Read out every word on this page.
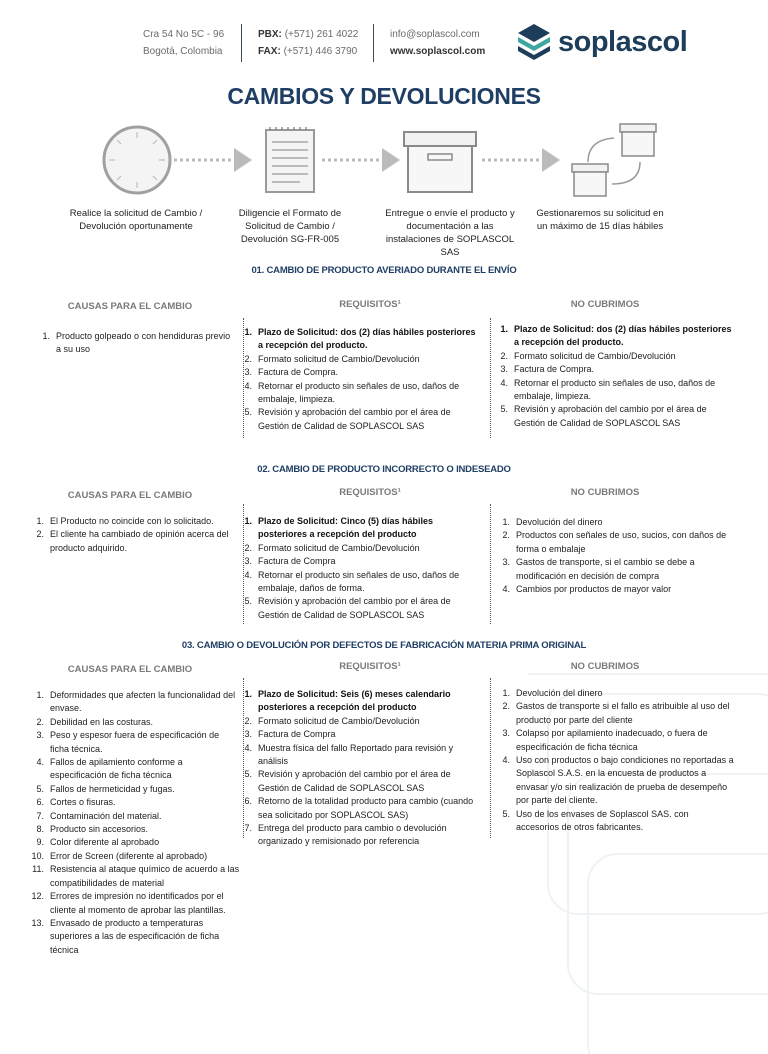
Cra 54 No 5C - 96
Bogotá, Colombia
PBX: (+571) 261 4022
FAX: (+571) 446 3790
info@soplascol.com
www.soplascol.com	soplascol
CAMBIOS Y DEVOLUCIONES
Realice la solicitud de Cambio / Devolución oportunamente
Diligencie el Formato de Solicitud de Cambio / Devolución SG-FR-005
Entregue o envíe el producto y documentación a las instalaciones de SOPLASCOL SAS
Gestionaremos su solicitud en un máximo de 15 días hábiles
01. CAMBIO DE PRODUCTO AVERIADO DURANTE EL ENVÍO
CAUSAS PARA EL CAMBIO	REQUISITOS¹	NO CUBRIMOS
1. Producto golpeado o con hendiduras previo a su uso
1. Plazo de Solicitud: dos (2) días hábiles posteriores a recepción del producto.
2. Formato solicitud de Cambio/Devolución
3. Factura de Compra.
4. Retornar el producto sin señales de uso, daños de embalaje, limpieza.
5. Revisión y aprobación del cambio por el área de Gestión de Calidad de SOPLASCOL SAS
1. Plazo de Solicitud: dos (2) días hábiles posteriores a recepción del producto.
2. Formato solicitud de Cambio/Devolución
3. Factura de Compra.
4. Retornar el producto sin señales de uso, daños de embalaje, limpieza.
5. Revisión y aprobación del cambio por el área de Gestión de Calidad de SOPLASCOL SAS
02. CAMBIO DE PRODUCTO INCORRECTO O INDESEADO
CAUSAS PARA EL CAMBIO	REQUISITOS¹	NO CUBRIMOS
1. El Producto no coincide con lo solicitado.
2. El cliente ha cambiado de opinión acerca del producto adquirido.
1. Plazo de Solicitud: Cinco (5) días hábiles posteriores a recepción del producto
2. Formato solicitud de Cambio/Devolución
3. Factura de Compra
4. Retornar el producto sin señales de uso, daños de embalaje, daños de forma.
5. Revisión y aprobación del cambio por el área de Gestión de Calidad de SOPLASCOL SAS
1. Devolución del dinero
2. Productos con señales de uso, sucios, con daños de forma o embalaje
3. Gastos de transporte, si el cambio se debe a modificación en decisión de compra
4. Cambios por productos de mayor valor
03. CAMBIO O DEVOLUCIÓN POR DEFECTOS DE FABRICACIÓN MATERIA PRIMA ORIGINAL
CAUSAS PARA EL CAMBIO	REQUISITOS¹	NO CUBRIMOS
1. Deformidades que afecten la funcionalidad del envase.
2. Debilidad en las costuras.
3. Peso y espesor fuera de especificación de ficha técnica.
4. Fallos de apilamiento conforme a especificación de ficha técnica
5. Fallos de hermeticidad y fugas.
6. Cortes o fisuras.
7. Contaminación del material.
8. Producto sin accesorios.
9. Color diferente al aprobado
10. Error de Screen (diferente al aprobado)
11. Resistencia al ataque químico de acuerdo a las compatibilidades de material
12. Errores de impresión no identificados por el cliente al momento de aprobar las plantillas.
13. Envasado de producto a temperaturas superiores a las de especificación de ficha técnica
1. Plazo de Solicitud: Seis (6) meses calendario posteriores a recepción del producto
2. Formato solicitud de Cambio/Devolución
3. Factura de Compra
4. Muestra física del fallo Reportado para revisión y análisis
5. Revisión y aprobación del cambio por el área de Gestión de Calidad de SOPLASCOL SAS
6. Retorno de la totalidad producto para cambio (cuando sea solicitado por SOPLASCOL SAS)
7. Entrega del producto para cambio o devolución organizado y remisionado por referencia
1. Devolución del dinero
2. Gastos de transporte si el fallo es atribuible al uso del producto por parte del cliente
3. Colapso por apilamiento inadecuado, o fuera de especificación de ficha técnica
4. Uso con productos o bajo condiciones no reportadas a Soplascol S.A.S. en la encuesta de productos a envasar y/o sin realización de prueba de desempeño por parte del cliente.
5. Uso de los envases de Soplascol SAS. con accesorios de otros fabricantes.
